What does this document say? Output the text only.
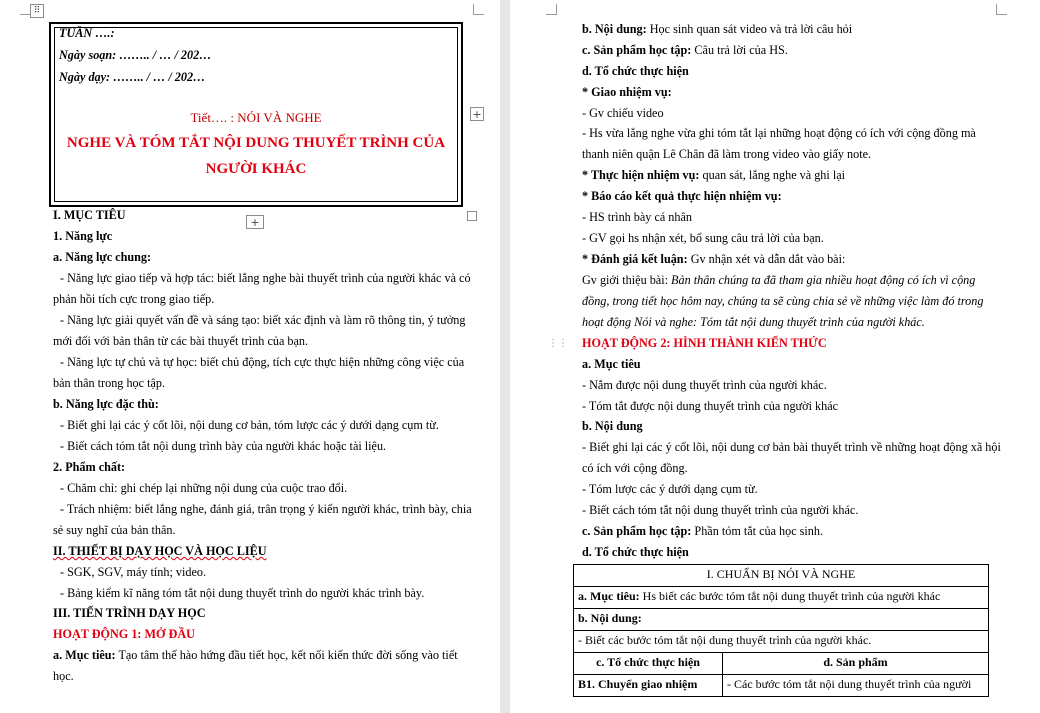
⠿
TUẦN ….:
Ngày soạn: …….. / … / 202…
Ngày dạy: …….. / … / 202…
Tiết…. : NÓI VÀ NGHE
NGHE VÀ TÓM TẮT NỘI DUNG THUYẾT TRÌNH CỦA
NGƯỜI KHÁC
+
+
I. MỤC TIÊU
1. Năng lực
a. Năng lực chung:
- Năng lực giao tiếp và hợp tác: biết lắng nghe bài thuyết trình của người khác và có
phản hồi tích cực trong giao tiếp.
- Năng lực giải quyết vấn đề và sáng tạo: biết xác định và làm rõ thông tin, ý tưởng
mới đối với bản thân từ các bài thuyết trình của bạn.
- Năng lực tự chủ và tự học: biết chủ động, tích cực thực hiện những công việc của
bản thân trong học tập.
b. Năng lực đặc thù:
- Biết ghi lại các ý cốt lõi, nội dung cơ bản, tóm lược các ý dưới dạng cụm từ.
- Biết cách tóm tắt nội dung trình bày của người khác hoặc tài liệu.
2. Phẩm chất:
- Chăm chỉ: ghi chép lại những nội dung của cuộc trao đổi.
- Trách nhiệm: biết lắng nghe, đánh giá, trân trọng ý kiến người khác, trình bày, chia
sẻ suy nghĩ của bản thân.
II. THIẾT BỊ DẠY HỌC VÀ HỌC LIỆU
- SGK, SGV, máy tính; video.
- Bảng kiểm kĩ năng tóm tắt nội dung thuyết trình do người khác trình bày.
III. TIẾN TRÌNH DẠY HỌC
HOẠT ĐỘNG 1: MỞ ĐẦU
a. Mục tiêu: Tạo tâm thế hào hứng đầu tiết học, kết nối kiến thức đời sống vào tiết
học.
b. Nội dung: Học sinh quan sát video và trả lời câu hỏi
c. Sản phẩm học tập: Câu trả lời của HS.
d. Tổ chức thực hiện
* Giao nhiệm vụ:
- Gv chiếu video
- Hs vừa lắng nghe vừa ghi tóm tắt lại những hoạt động có ích với cộng đồng mà
thanh niên quận Lê Chân đã làm trong video vào giấy note.
* Thực hiện nhiệm vụ: quan sát, lắng nghe và ghi lại
* Báo cáo kết quả thực hiện nhiệm vụ:
- HS trình bày cá nhân
- GV gọi hs nhận xét, bổ sung câu trả lời của bạn.
* Đánh giá kết luận: Gv nhận xét và dẫn dắt vào bài:
Gv giới thiệu bài: Bản thân chúng ta đã tham gia nhiều hoạt động có ích vì cộng
đồng, trong tiết học hôm nay, chúng ta sẽ cùng chia sẻ về những việc làm đó trong
hoạt động Nói và nghe: Tóm tắt nội dung thuyết trình của người khác.
⋮⋮ HOẠT ĐỘNG 2: HÌNH THÀNH KIẾN THỨC
a. Mục tiêu
- Nắm được nội dung thuyết trình của người khác.
- Tóm tắt được nội dung thuyết trình của người khác
b. Nội dung
- Biết ghi lại các ý cốt lõi, nội dung cơ bản bài thuyết trình về những hoạt động xã hội
có ích với cộng đồng.
- Tóm lược các ý dưới dạng cụm từ.
- Biết cách tóm tắt nội dung thuyết trình của người khác.
c. Sản phẩm học tập: Phần tóm tắt của học sinh.
d. Tổ chức thực hiện
I. CHUẨN BỊ NÓI VÀ NGHE	
a. Mục tiêu: Hs biết các bước tóm tắt nội dung thuyết trình của người khác	
b. Nội dung:	
- Biết các bước tóm tắt nội dung thuyết trình của người khác.	
c. Tổ chức thực hiện	d. Sản phẩm
B1. Chuyển giao nhiệm	- Các bước tóm tắt nội dung thuyết trình của người
